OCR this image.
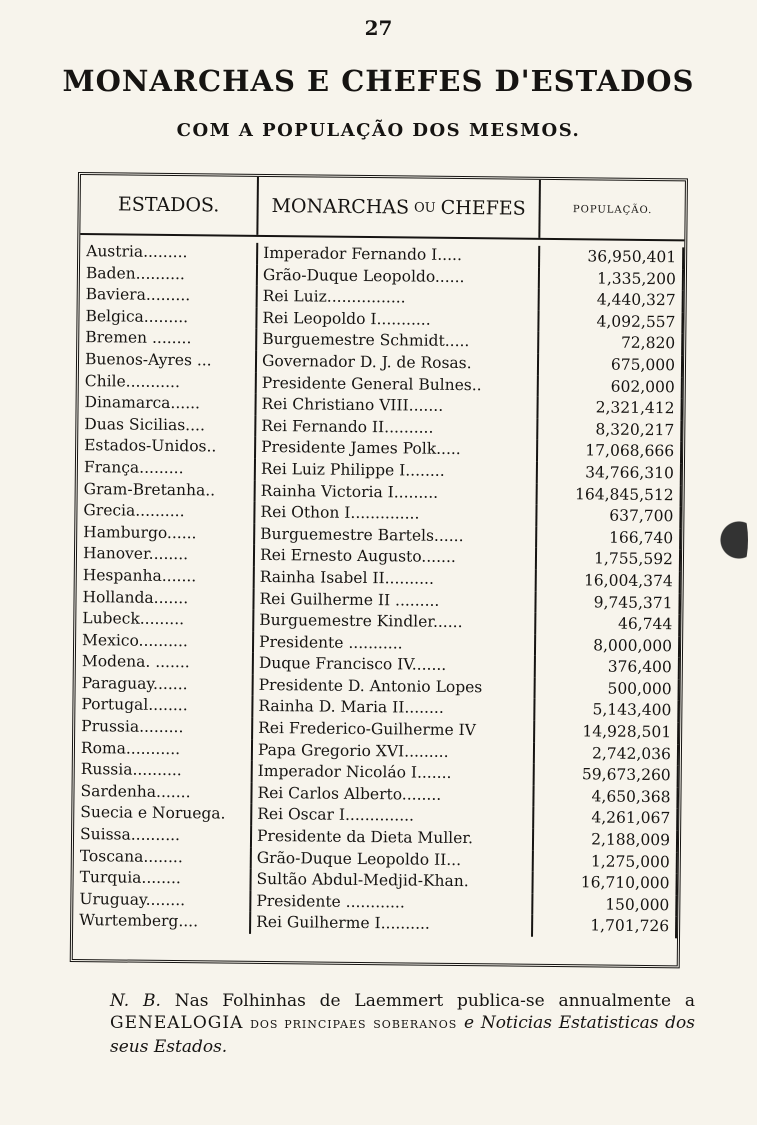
27
MONARCHAS E CHEFES D'ESTADOS
COM A POPULAÇÃO DOS MESMOS.
ESTADOS.	MONARCHAS OU CHEFES	POPULAÇÃO.
Austria.........	Imperador Fernando I.....	36,950,401
Baden..........	Grão-Duque Leopoldo......	1,335,200
Baviera.........	Rei Luiz................	4,440,327
Belgica.........	Rei Leopoldo I...........	4,092,557
Bremen ........	Burguemestre Schmidt.....	72,820
Buenos-Ayres ...	Governador D. J. de Rosas.	675,000
Chile...........	Presidente General Bulnes..	602,000
Dinamarca......	Rei Christiano VIII.......	2,321,412
Duas Sicilias....	Rei Fernando II..........	8,320,217
Estados-Unidos..	Presidente James Polk.....	17,068,666
França.........	Rei Luiz Philippe I........	34,766,310
Gram-Bretanha..	Rainha Victoria I.........	164,845,512
Grecia..........	Rei Othon I..............	637,700
Hamburgo......	Burguemestre Bartels......	166,740
Hanover........	Rei Ernesto Augusto.......	1,755,592
Hespanha.......	Rainha Isabel II..........	16,004,374
Hollanda.......	Rei Guilherme II .........	9,745,371
Lubeck.........	Burguemestre Kindler......	46,744
Mexico..........	Presidente ...........	8,000,000
Modena. .......	Duque Francisco IV.......	376,400
Paraguay.......	Presidente D. Antonio Lopes	500,000
Portugal........	Rainha D. Maria II........	5,143,400
Prussia.........	Rei Frederico-Guilherme IV	14,928,501
Roma...........	Papa Gregorio XVI.........	2,742,036
Russia..........	Imperador Nicoláo I.......	59,673,260
Sardenha.......	Rei Carlos Alberto........	4,650,368
Suecia e Noruega.	Rei Oscar I..............	4,261,067
Suissa..........	Presidente da Dieta Muller.	2,188,009
Toscana........	Grão-Duque Leopoldo II...	1,275,000
Turquia........	Sultão Abdul-Medjid-Khan.	16,710,000
Uruguay........	Presidente ............	150,000
Wurtemberg....	Rei Guilherme I..........	1,701,726
N. B. Nas Folhinhas de Laemmert publica-se annualmente a GENEALOGIA DOS PRINCIPAES SOBERANOS e Noticias Estatisticas dos seus Estados.
